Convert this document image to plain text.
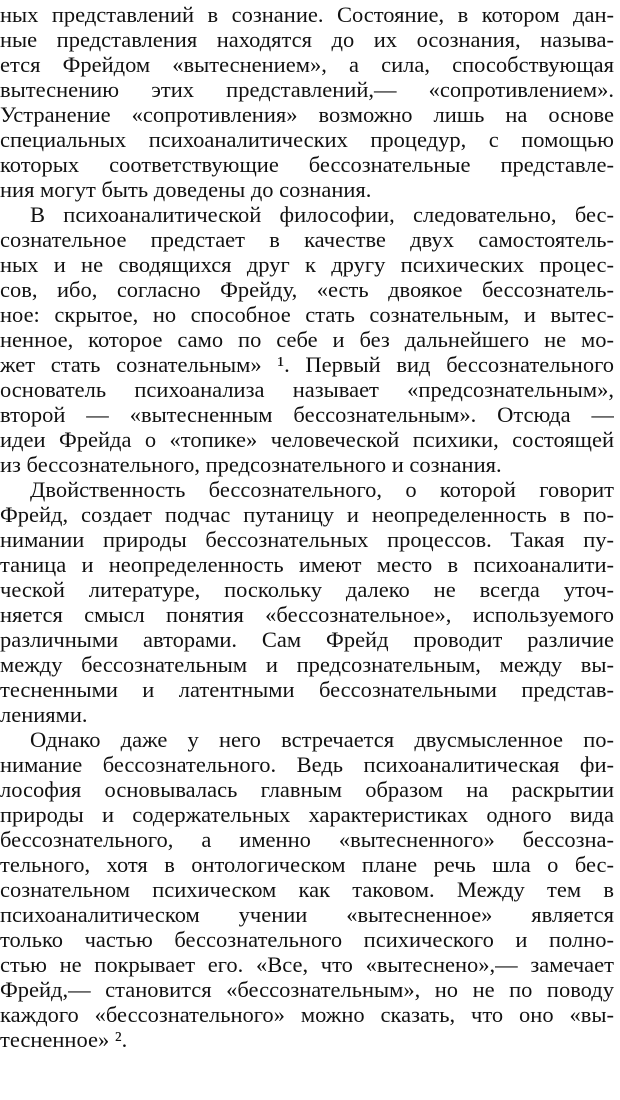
ных представлений в сознание. Состояние, в котором дан-
ные представления находятся до их осознания, называ-
ется Фрейдом «вытеснением», а сила, способствующая
вытеснению этих представлений,— «сопротивлением».
Устранение «сопротивления» возможно лишь на основе
специальных психоаналитических процедур, с помощью
которых соответствующие бессознательные представле-
ния могут быть доведены до сознания.
В психоаналитической философии, следовательно, бес-
сознательное предстает в качестве двух самостоятель-
ных и не сводящихся друг к другу психических процес-
сов, ибо, согласно Фрейду, «есть двоякое бессознатель-
ное: скрытое, но способное стать сознательным, и вытес-
ненное, которое само по себе и без дальнейшего не мо-
жет стать сознательным» ¹. Первый вид бессознательного
основатель психоанализа называет «предсознательным»,
второй — «вытесненным бессознательным». Отсюда —
идеи Фрейда о «топике» человеческой психики, состоящей
из бессознательного, предсознательного и сознания.
Двойственность бессознательного, о которой говорит
Фрейд, создает подчас путаницу и неопределенность в по-
нимании природы бессознательных процессов. Такая пу-
таница и неопределенность имеют место в психоаналити-
ческой литературе, поскольку далеко не всегда уточ-
няется смысл понятия «бессознательное», используемого
различными авторами. Сам Фрейд проводит различие
между бессознательным и предсознательным, между вы-
тесненными и латентными бессознательными представ-
лениями.
Однако даже у него встречается двусмысленное по-
нимание бессознательного. Ведь психоаналитическая фи-
лософия основывалась главным образом на раскрытии
природы и содержательных характеристиках одного вида
бессознательного, а именно «вытесненного» бессозна-
тельного, хотя в онтологическом плане речь шла о бес-
сознательном психическом как таковом. Между тем в
психоаналитическом учении «вытесненное» является
только частью бессознательного психического и полно-
стью не покрывает его. «Все, что «вытеснено»,— замечает
Фрейд,— становится «бессознательным», но не по поводу
каждого «бессознательного» можно сказать, что оно «вы-
тесненное» ².
